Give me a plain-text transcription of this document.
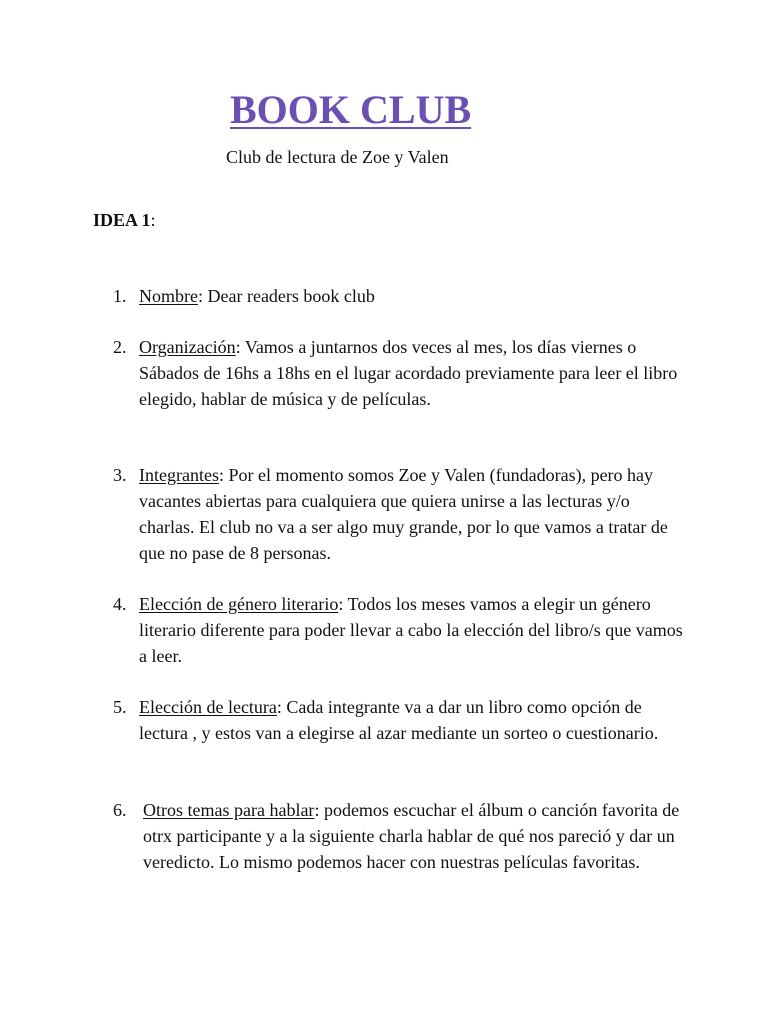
BOOK CLUB
Club de lectura de Zoe y Valen
IDEA 1:
1. Nombre: Dear readers book club
2. Organización: Vamos a juntarnos dos veces al mes, los días viernes o Sábados de 16hs a 18hs en el lugar acordado previamente para leer el libro elegido, hablar de música y de películas.
3. Integrantes: Por el momento somos Zoe y Valen (fundadoras), pero hay vacantes abiertas para cualquiera que quiera unirse a las lecturas y/o charlas. El club no va a ser algo muy grande, por lo que vamos a tratar de que no pase de 8 personas.
4. Elección de género literario: Todos los meses vamos a elegir un género literario diferente para poder llevar a cabo la elección del libro/s que vamos a leer.
5. Elección de lectura: Cada integrante va a dar un libro como opción de lectura , y estos van a elegirse al azar mediante un sorteo o cuestionario.
6. Otros temas para hablar: podemos escuchar el álbum o canción favorita de otrx participante y a la siguiente charla hablar de qué nos pareció y dar un veredicto. Lo mismo podemos hacer con nuestras películas favoritas.
